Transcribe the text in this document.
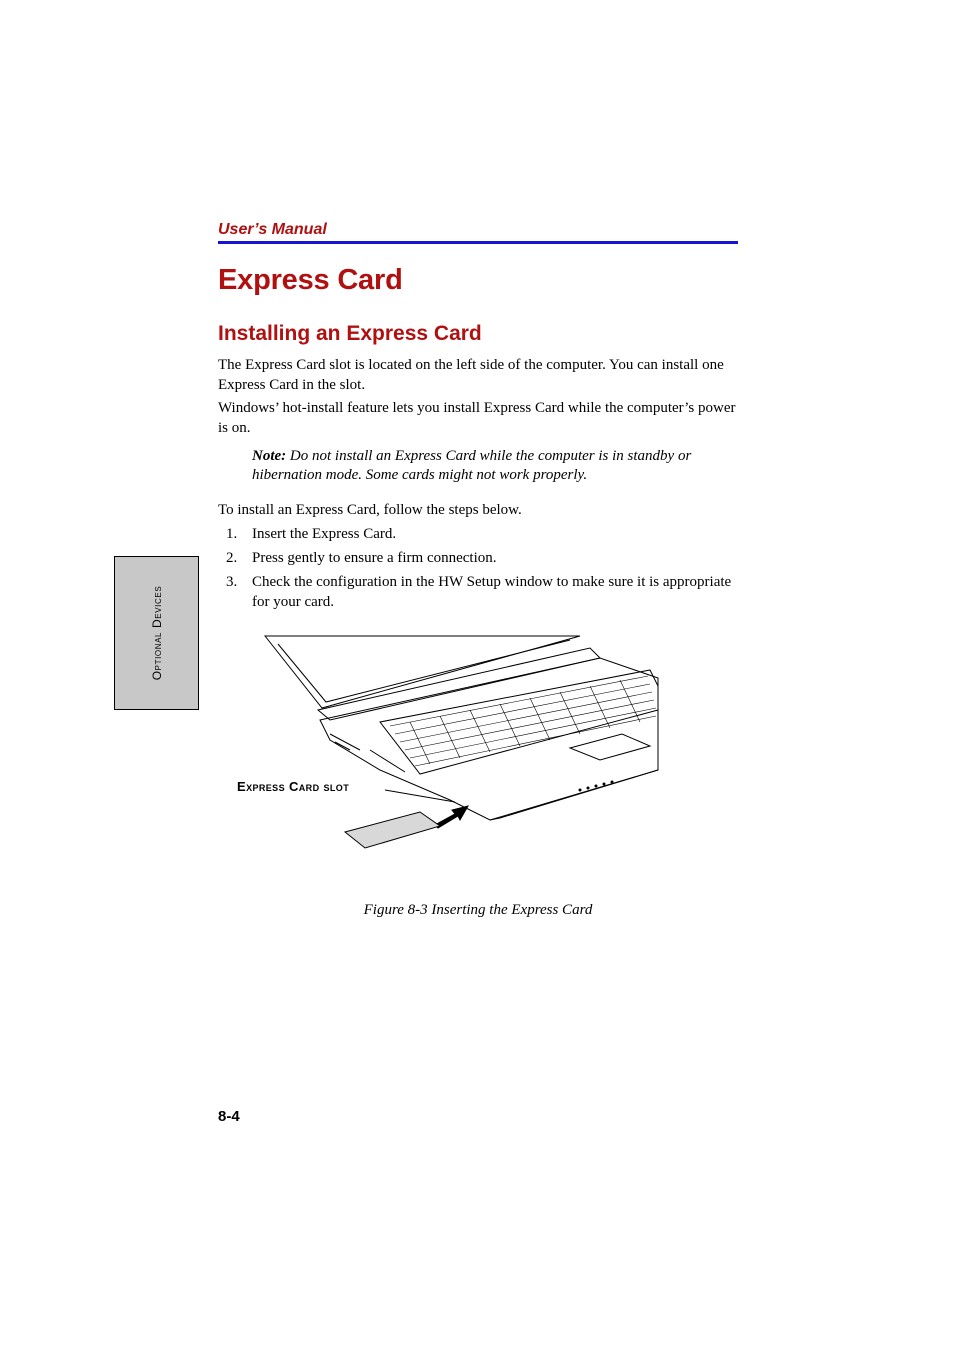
User’s Manual
Express Card
Installing an Express Card

The Express Card slot is located on the left side of the computer. You can install one Express Card in the slot.

Windows’ hot-install feature lets you install Express Card while the computer’s power is on.

Note: Do not install an Express Card while the computer is in standby or hibernation mode. Some cards might not work properly.

To install an Express Card, follow the steps below.

1. Insert the Express Card.
2. Press gently to ensure a firm connection.
3. Check the configuration in the HW Setup window to make sure it is appropriate for your card.
Optional Devices
Express Card slot

Figure 8-3 Inserting the Express Card

8-4
